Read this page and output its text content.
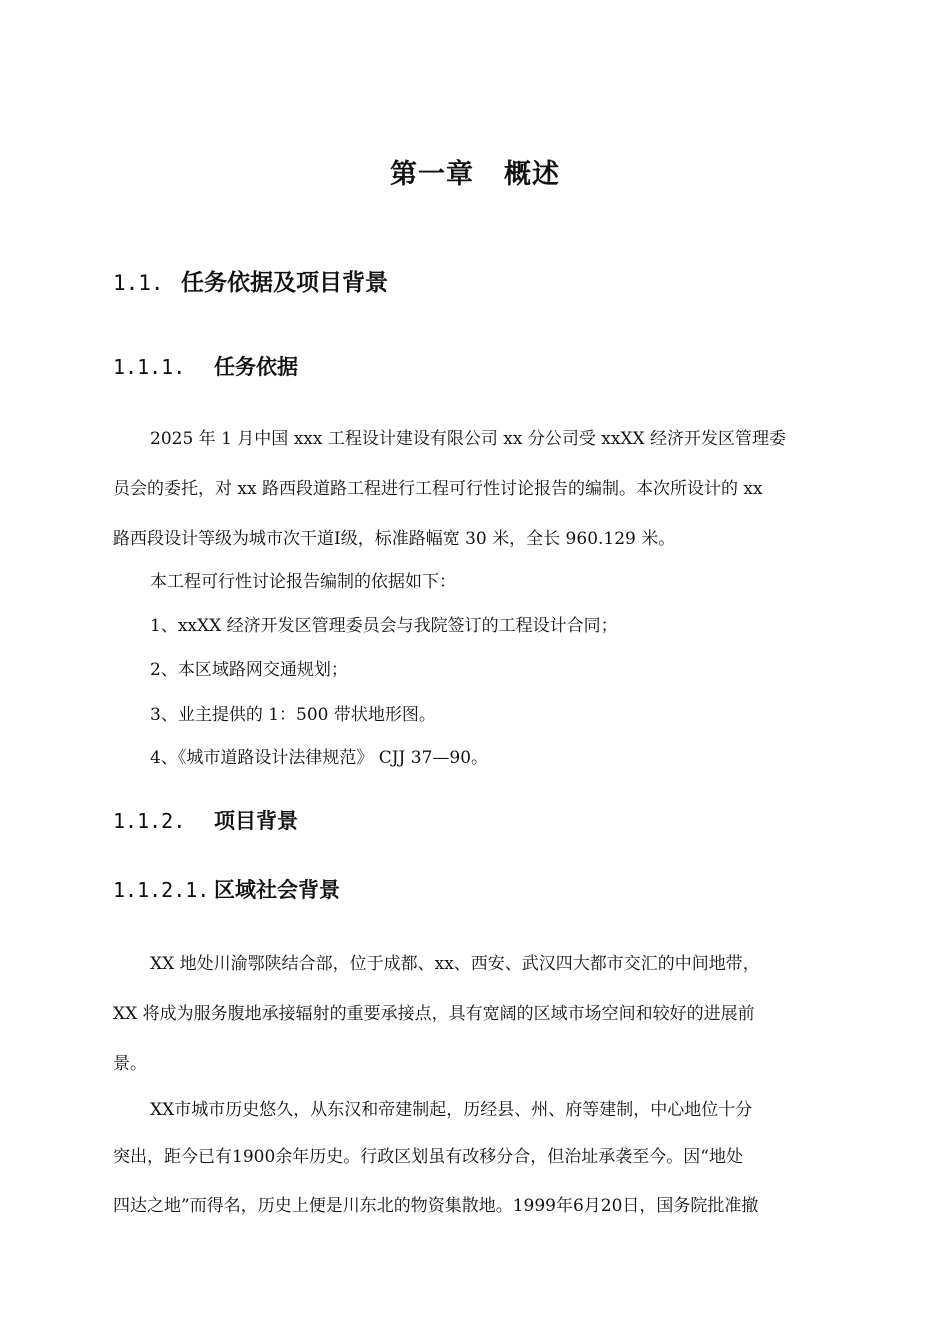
第一章 概述
1.1. 任务依据及项目背景
1.1.1. 任务依据
2025 年 1 月中国 xxx 工程设计建设有限公司 xx 分公司受 xxXX 经济开发区管理委
员会的委托，对 xx 路西段道路工程进行工程可行性讨论报告的编制。本次所设计的 xx
路西段设计等级为城市次干道Ⅰ级，标准路幅宽 30 米，全长 960.129 米。
本工程可行性讨论报告编制的依据如下：
1、xxXX 经济开发区管理委员会与我院签订的工程设计合同；
2、本区域路网交通规划；
3、业主提供的 1：500 带状地形图。
4、《城市道路设计法律规范》 CJJ 37—90。
1.1.2. 项目背景
1.1.2.1. 区域社会背景
XX 地处川渝鄂陕结合部，位于成都、xx、西安、武汉四大都市交汇的中间地带，
XX 将成为服务腹地承接辐射的重要承接点，具有宽阔的区域市场空间和较好的进展前
景。
XX市城市历史悠久，从东汉和帝建制起，历经县、州、府等建制，中心地位十分
突出，距今已有1900余年历史。行政区划虽有改移分合，但治址承袭至今。因“地处
四达之地”而得名，历史上便是川东北的物资集散地。1999年6月20日，国务院批准撤
